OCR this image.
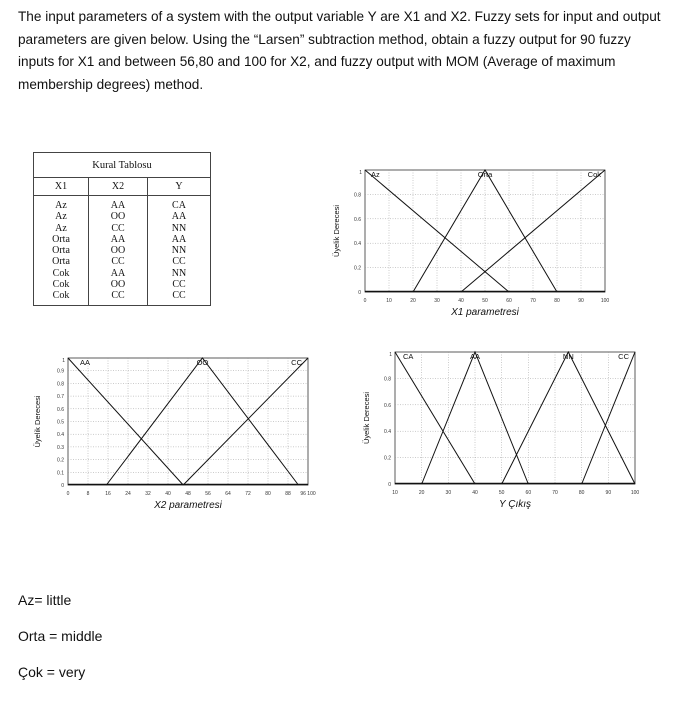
The input parameters of a system with the output variable Y are X1 and X2. Fuzzy sets for input and output parameters are given below. Using the “Larsen” subtraction method, obtain a fuzzy output for 90 fuzzy inputs for X1 and between 56,80 and 100 for X2, and fuzzy output with MOM (Average of maximum membership degrees) method.

Kural Tablosu		
X1	X2	Y
Az	AA	CA
Az	OO	AA
Az	CC	NN
Orta	AA	AA
Orta	OO	NN
Orta	CC	CC
Cok	AA	NN
Cok	OO	CC
Cok	CC	CC	0
0.2
0.4
0.6
0.8
1
0	10	20	30	40	50	60	70	80	90	100
Az	Orta	Cok
X1 parametresi
Üyelik Derecesi
0
0.1
0.2
0.3
0.4
0.5
0.6
0.7
0.8
0.9
1
0	8	16	24	32	40	48	56	64	72	80	88 96 100
AA	OO	CC
X2 parametresi
Üyelik Derecesi
0
0.2
0.4
0.6
0.8
1
10	20	30	40	50	60	70	80	90	100
CA	AA	NN	CC
Y Çıkış
Üyelik Derecesi

Az= little

Orta = middle

Çok = very
